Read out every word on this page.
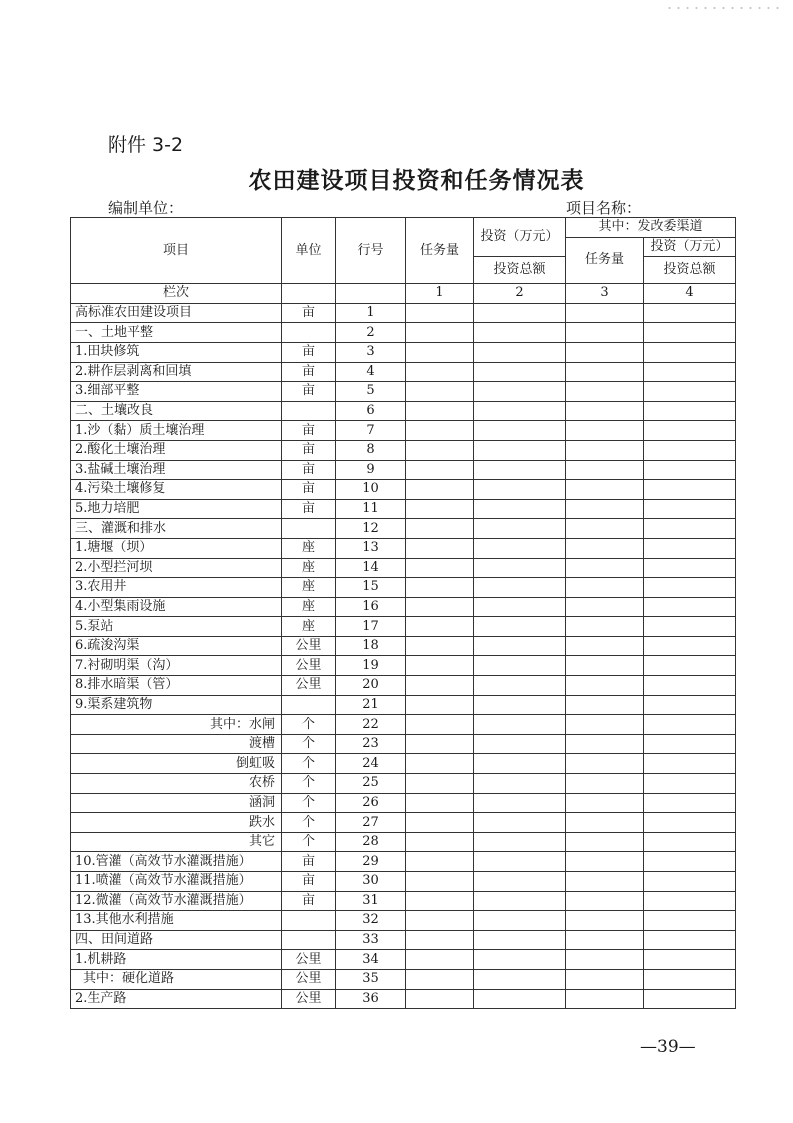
附件 3-2
农田建设项目投资和任务情况表
编制单位：	项目名称：
项目	单位	行号	任务量	投资（万元）	其中：发改委渠道	
					任务量	投资（万元）
				投资总额		投资总额
栏次			1	2	3	4
高标准农田建设项目	亩	1				
一、土地平整		2				
1.田块修筑	亩	3				
2.耕作层剥离和回填	亩	4				
3.细部平整	亩	5				
二、土壤改良		6				
1.沙（黏）质土壤治理	亩	7				
2.酸化土壤治理	亩	8				
3.盐碱土壤治理	亩	9				
4.污染土壤修复	亩	10				
5.地力培肥	亩	11				
三、灌溉和排水		12				
1.塘堰（坝）	座	13				
2.小型拦河坝	座	14				
3.农用井	座	15				
4.小型集雨设施	座	16				
5.泵站	座	17				
6.疏浚沟渠	公里	18				
7.衬砌明渠（沟）	公里	19				
8.排水暗渠（管）	公里	20				
9.渠系建筑物		21				
其中：水闸	个	22				
渡槽	个	23				
倒虹吸	个	24				
农桥	个	25				
涵洞	个	26				
跌水	个	27				
其它	个	28				
10.管灌（高效节水灌溉措施）	亩	29				
11.喷灌（高效节水灌溉措施）	亩	30				
12.微灌（高效节水灌溉措施）	亩	31				
13.其他水利措施		32				
四、田间道路		33				
1.机耕路	公里	34				
其中：硬化道路	公里	35				
2.生产路	公里	36				
—39—
